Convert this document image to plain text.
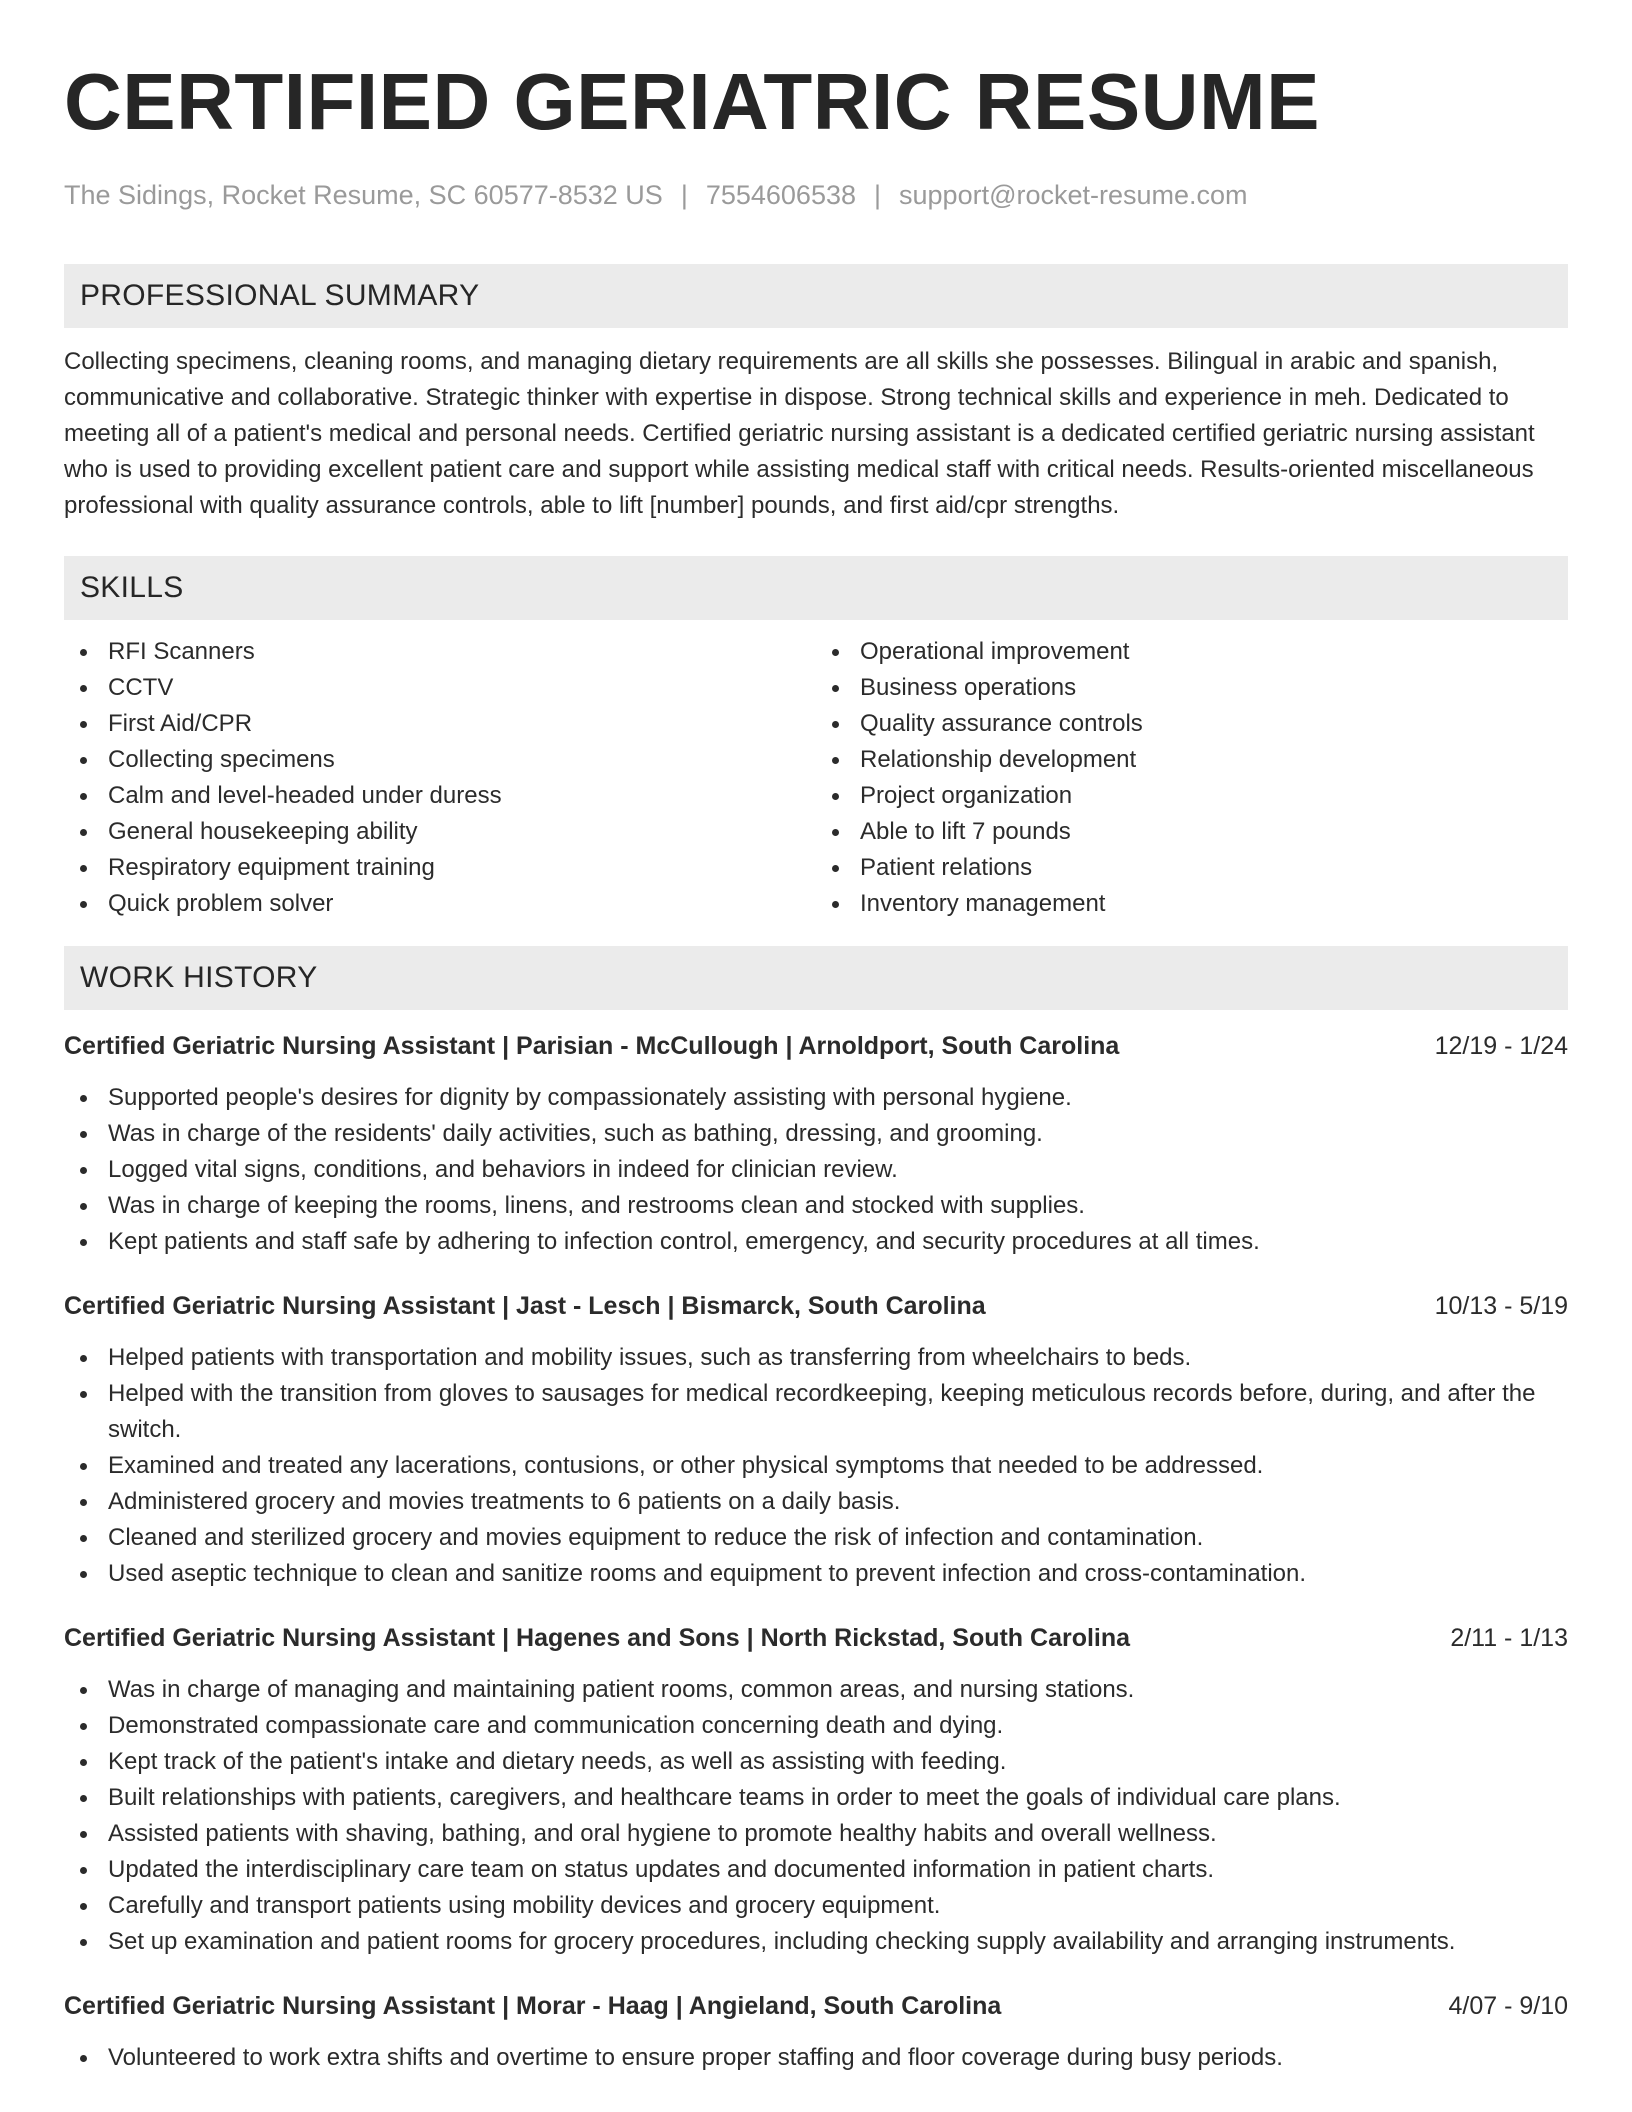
CERTIFIED GERIATRIC RESUME
The Sidings, Rocket Resume, SC 60577-8532 US | 7554606538 | support@rocket-resume.com
PROFESSIONAL SUMMARY

Collecting specimens, cleaning rooms, and managing dietary requirements are all skills she possesses. Bilingual in arabic and spanish, communicative and collaborative. Strategic thinker with expertise in dispose. Strong technical skills and experience in meh. Dedicated to meeting all of a patient's medical and personal needs. Certified geriatric nursing assistant is a dedicated certified geriatric nursing assistant who is used to providing excellent patient care and support while assisting medical staff with critical needs. Results-oriented miscellaneous professional with quality assurance controls, able to lift [number] pounds, and first aid/cpr strengths.

SKILLS
RFI Scanners
CCTV
First Aid/CPR
Collecting specimens
Calm and level-headed under duress
General housekeeping ability
Respiratory equipment training
Quick problem solver
Operational improvement
Business operations
Quality assurance controls
Relationship development
Project organization
Able to lift 7 pounds
Patient relations
Inventory management
WORK HISTORY
Certified Geriatric Nursing Assistant | Parisian - McCullough | Arnoldport, South Carolina	12/19 - 1/24
Supported people's desires for dignity by compassionately assisting with personal hygiene.
Was in charge of the residents' daily activities, such as bathing, dressing, and grooming.
Logged vital signs, conditions, and behaviors in indeed for clinician review.
Was in charge of keeping the rooms, linens, and restrooms clean and stocked with supplies.
Kept patients and staff safe by adhering to infection control, emergency, and security procedures at all times.
Certified Geriatric Nursing Assistant | Jast - Lesch | Bismarck, South Carolina	10/13 - 5/19
Helped patients with transportation and mobility issues, such as transferring from wheelchairs to beds.
Helped with the transition from gloves to sausages for medical recordkeeping, keeping meticulous records before, during, and after the switch.
Examined and treated any lacerations, contusions, or other physical symptoms that needed to be addressed.
Administered grocery and movies treatments to 6 patients on a daily basis.
Cleaned and sterilized grocery and movies equipment to reduce the risk of infection and contamination.
Used aseptic technique to clean and sanitize rooms and equipment to prevent infection and cross-contamination.
Certified Geriatric Nursing Assistant | Hagenes and Sons | North Rickstad, South Carolina	2/11 - 1/13
Was in charge of managing and maintaining patient rooms, common areas, and nursing stations.
Demonstrated compassionate care and communication concerning death and dying.
Kept track of the patient's intake and dietary needs, as well as assisting with feeding.
Built relationships with patients, caregivers, and healthcare teams in order to meet the goals of individual care plans.
Assisted patients with shaving, bathing, and oral hygiene to promote healthy habits and overall wellness.
Updated the interdisciplinary care team on status updates and documented information in patient charts.
Carefully and transport patients using mobility devices and grocery equipment.
Set up examination and patient rooms for grocery procedures, including checking supply availability and arranging instruments.
Certified Geriatric Nursing Assistant | Morar - Haag | Angieland, South Carolina	4/07 - 9/10
Volunteered to work extra shifts and overtime to ensure proper staffing and floor coverage during busy periods.
